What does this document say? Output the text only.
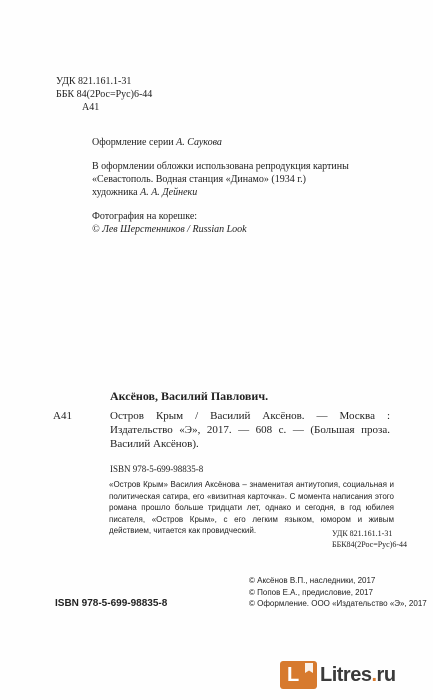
УДК 821.161.1-31
ББК 84(2Рос=Рус)6-44
А41
Оформление серии А. Саукова
В оформлении обложки использована репродукция картины
«Севастополь. Водная станция «Динамо» (1934 г.)
художника А. А. Дейнеки
Фотография на корешке:
© Лев Шерстенников / Russian Look
Аксёнов, Василий Павлович.
А41	Остров Крым / Василий Аксёнов. — Москва : Издательство «Э», 2017. — 608 с. — (Большая проза. Василий Аксёнов).
ISBN 978-5-699-98835-8
«Остров Крым» Василия Аксёнова – знаменитая антиутопия, социальная и политическая сатира, его «визитная карточка». С момента написания этого романа прошло больше тридцати лет, однако и сегодня, в год юбилея писателя, «Остров Крым», с его легким языком, юмором и живым действием, читается как провидческий.	УДК 821.161.1-31
ББК84(2Рос=Рус)6-44
ISBN 978-5-699-98835-8
© Аксёнов В.П., наследники, 2017
© Попов Е.А., предисловие, 2017
© Оформление. ООО «Издательство «Э», 2017
L Litres.ru
